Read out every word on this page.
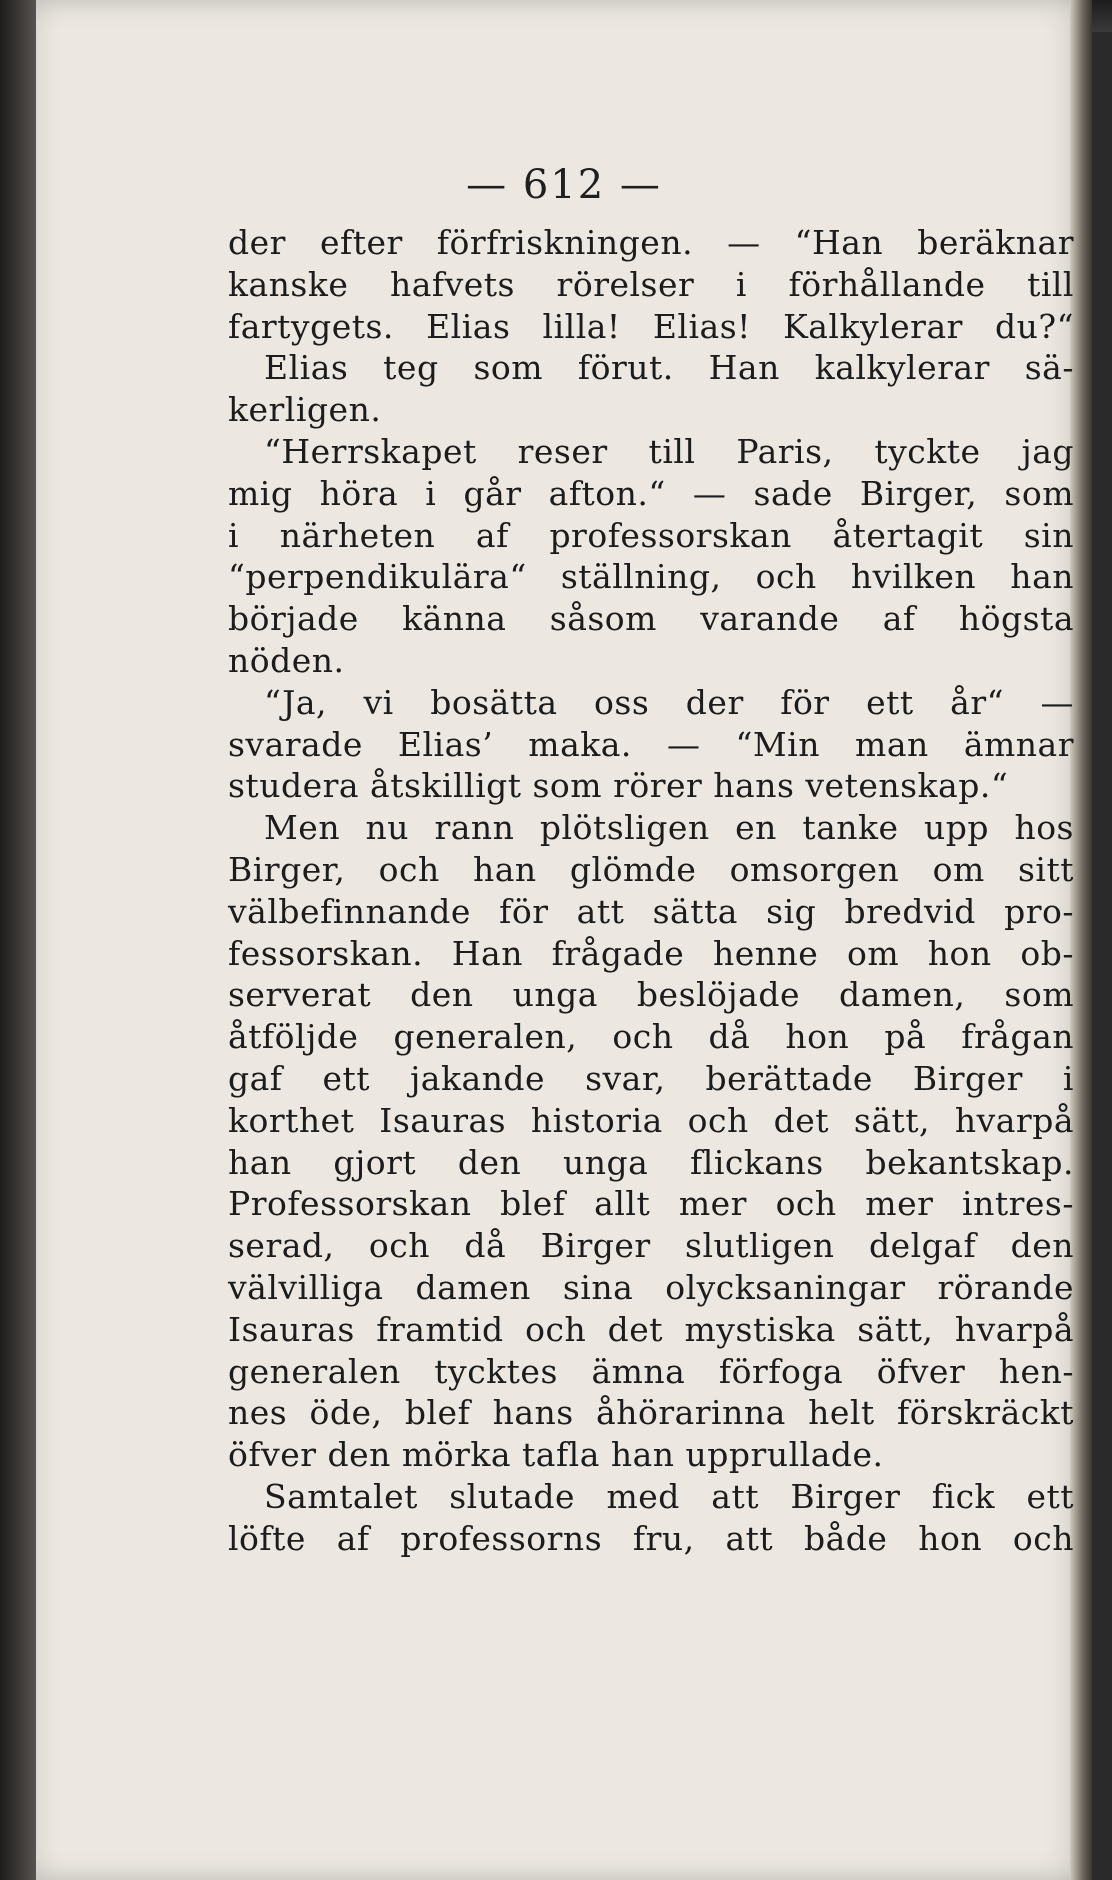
— 612 —
der efter förfriskningen. — “Han beräknar
kanske hafvets rörelser i förhållande till
fartygets. Elias lilla! Elias! Kalkylerar du?“
Elias teg som förut. Han kalkylerar sä-
kerligen.
“Herrskapet reser till Paris, tyckte jag
mig höra i går afton.“ — sade Birger, som
i närheten af professorskan återtagit sin
“perpendikulära“ ställning, och hvilken han
började känna såsom varande af högsta
nöden.
“Ja, vi bosätta oss der för ett år“ —
svarade Elias’ maka. — “Min man ämnar
studera åtskilligt som rörer hans vetenskap.“
Men nu rann plötsligen en tanke upp hos
Birger, och han glömde omsorgen om sitt
välbefinnande för att sätta sig bredvid pro-
fessorskan. Han frågade henne om hon ob-
serverat den unga beslöjade damen, som
åtföljde generalen, och då hon på frågan
gaf ett jakande svar, berättade Birger i
korthet Isauras historia och det sätt, hvarpå
han gjort den unga flickans bekantskap.
Professorskan blef allt mer och mer intres-
serad, och då Birger slutligen delgaf den
välvilliga damen sina olycksaningar rörande
Isauras framtid och det mystiska sätt, hvarpå
generalen tycktes ämna förfoga öfver hen-
nes öde, blef hans åhörarinna helt förskräckt
öfver den mörka tafla han upprullade.
Samtalet slutade med att Birger fick ett
löfte af professorns fru, att både hon och
